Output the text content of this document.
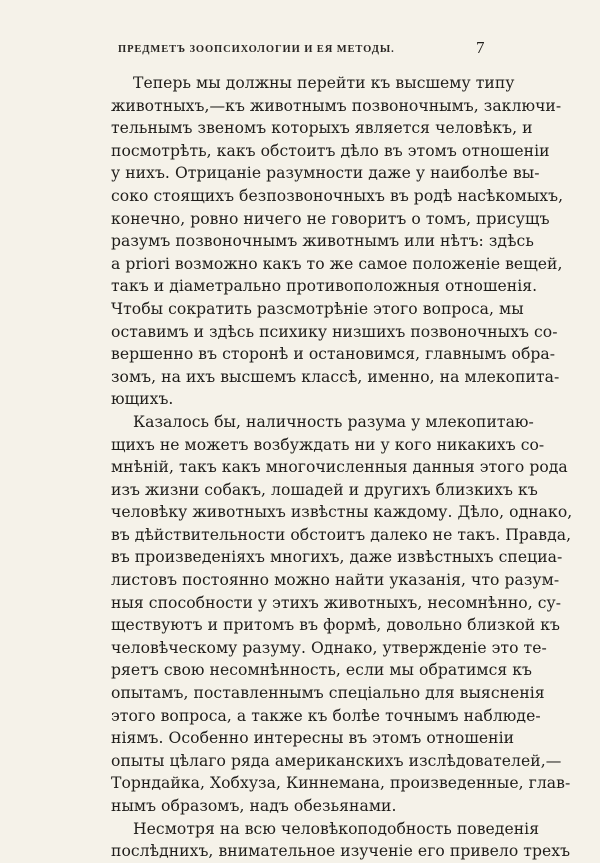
ПРЕДМЕТЪ ЗООПСИХОЛОГИИ И ЕЯ МЕТОДЫ.	7
Теперь мы должны перейти къ высшему типу
животныхъ,—къ животнымъ позвоночнымъ, заключи-
тельнымъ звеномъ которыхъ является человѣкъ, и
посмотрѣть, какъ обстоитъ дѣло въ этомъ отношеніи
у нихъ. Отрицаніе разумности даже у наиболѣе вы-
соко стоящихъ безпозвоночныхъ въ родѣ насѣкомыхъ,
конечно, ровно ничего не говоритъ о томъ, присущъ
разумъ позвоночнымъ животнымъ или нѣтъ: здѣсь
a priori возможно какъ то же самое положеніе вещей,
такъ и діаметрально противоположныя отношенія.
Чтобы сократить разсмотрѣніе этого вопроса, мы
оставимъ и здѣсь психику низшихъ позвоночныхъ со-
вершенно въ сторонѣ и остановимся, главнымъ обра-
зомъ, на ихъ высшемъ классѣ, именно, на млекопита-
ющихъ.
Казалось бы, наличность разума у млекопитаю-
щихъ не можетъ возбуждать ни у кого никакихъ со-
мнѣній, такъ какъ многочисленныя данныя этого рода
изъ жизни собакъ, лошадей и другихъ близкихъ къ
человѣку животныхъ извѣстны каждому. Дѣло, однако,
въ дѣйствительности обстоитъ далеко не такъ. Правда,
въ произведеніяхъ многихъ, даже извѣстныхъ специа-
листовъ постоянно можно найти указанія, что разум-
ныя способности у этихъ животныхъ, несомнѣнно, су-
ществуютъ и притомъ въ формѣ, довольно близкой къ
человѣческому разуму. Однако, утвержденіе это те-
ряетъ свою несомнѣнность, если мы обратимся къ
опытамъ, поставленнымъ спеціально для выясненія
этого вопроса, а также къ болѣе точнымъ наблюде-
ніямъ. Особенно интересны въ этомъ отношеніи
опыты цѣлаго ряда американскихъ изслѣдователей,—
Торндайка, Хобхуза, Киннемана, произведенные, глав-
нымъ образомъ, надъ обезьянами.
Несмотря на всю человѣкоподобность поведенія
послѣднихъ, внимательное изученіе его привело трехъ
